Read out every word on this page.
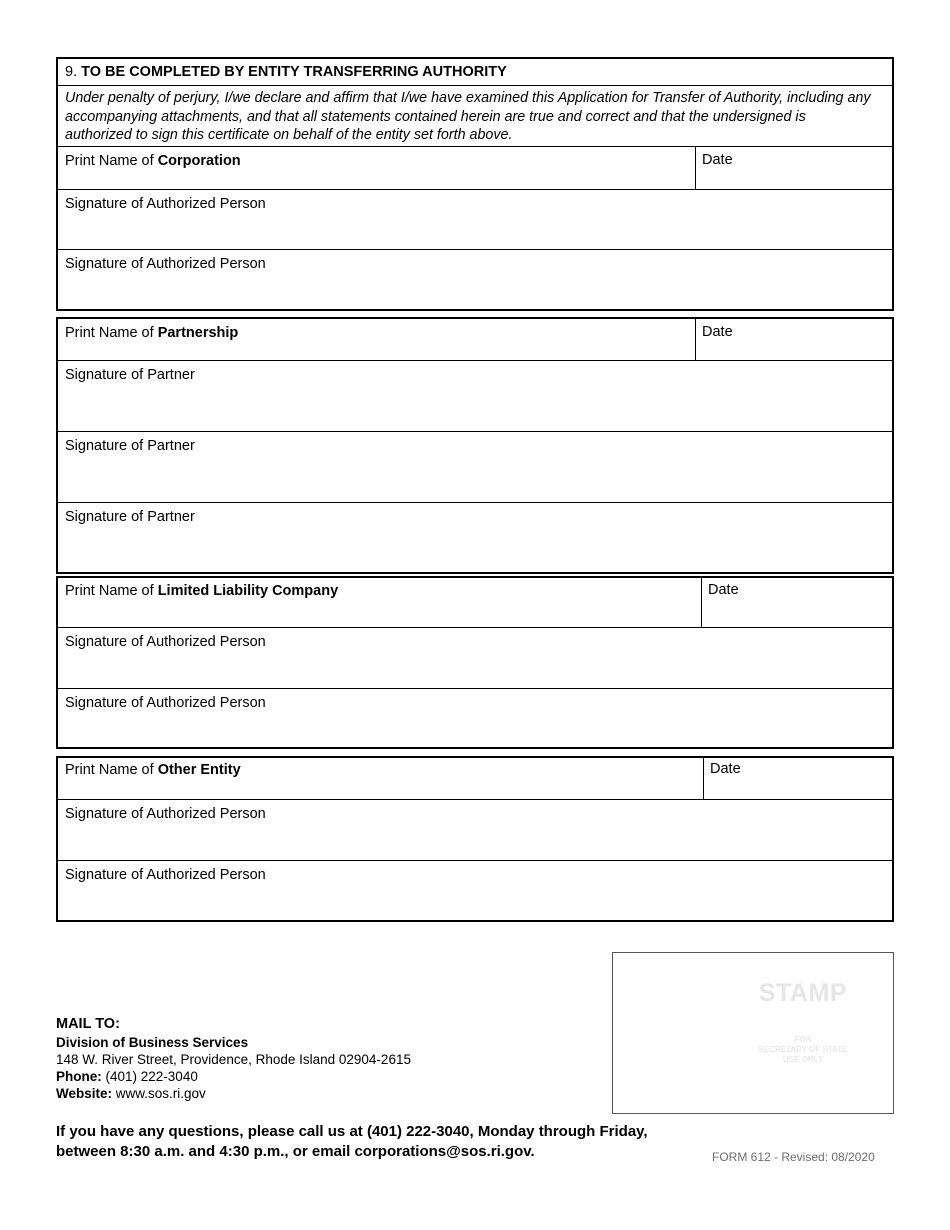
9. TO BE COMPLETED BY ENTITY TRANSFERRING AUTHORITY

Under penalty of perjury, I/we declare and affirm that I/we have examined this Application for Transfer of Authority, including any accompanying attachments, and that all statements contained herein are true and correct and that the undersigned is authorized to sign this certificate on behalf of the entity set forth above.

Print Name of Corporation	Date
Signature of Authorized Person
Signature of Authorized Person
Print Name of Partnership	Date
Signature of Partner
Signature of Partner
Signature of Partner
Print Name of Limited Liability Company	Date
Signature of Authorized Person
Signature of Authorized Person
Print Name of Other Entity	Date
Signature of Authorized Person
Signature of Authorized Person
STAMP
FOR
SECRETARY OF STATE
USE ONLY
MAIL TO:
Division of Business Services
148 W. River Street, Providence, Rhode Island 02904-2615
Phone: (401) 222-3040
Website: www.sos.ri.gov
If you have any questions, please call us at (401) 222-3040, Monday through Friday,
between 8:30 a.m. and 4:30 p.m., or email corporations@sos.ri.gov.	FORM 612 - Revised: 08/2020
